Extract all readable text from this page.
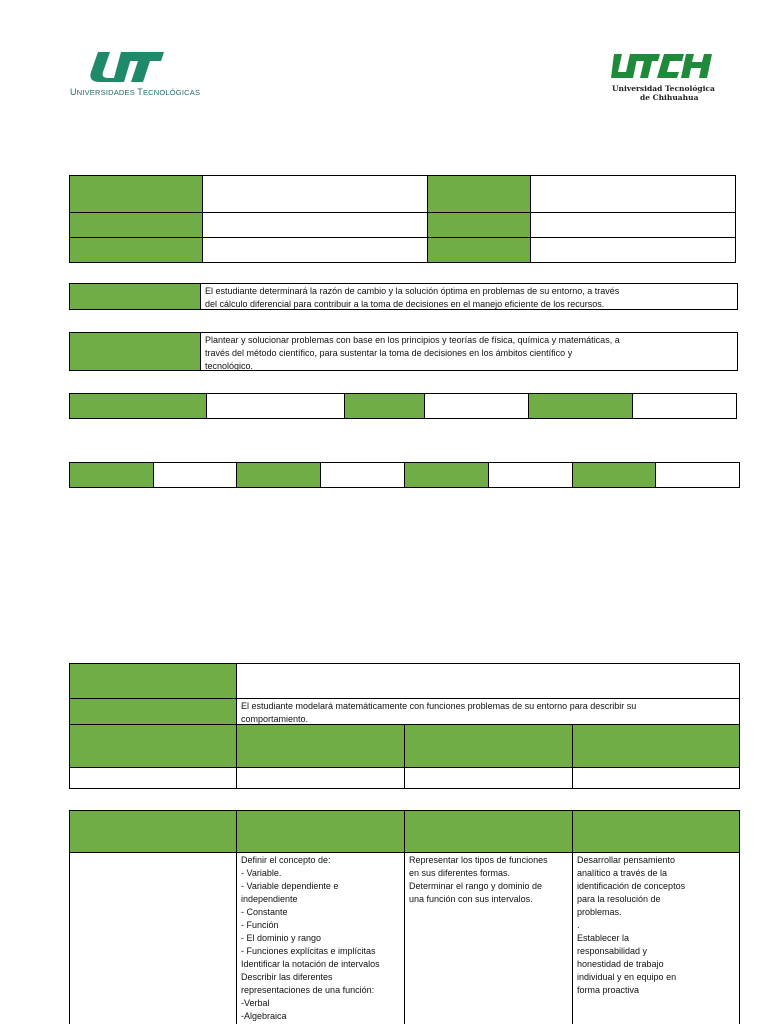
UNIVERSIDADES TECNOLÓGICAS	Universidad Tecnológica
de Chihuahua
El estudiante determinará la razón de cambio y la solución óptima en problemas de su entorno, a través
del cálculo diferencial para contribuir a la toma de decisiones en el manejo eficiente de los recursos.
Plantear y solucionar problemas con base en los principios y teorías de física, química y matemáticas, a
través del método científico, para sustentar la toma de decisiones en los ámbitos científico y
tecnológico.
El estudiante modelará matemáticamente con funciones problemas de su entorno para describir su
comportamiento.
Definir el concepto de:
- Variable.
- Variable dependiente e
independiente
- Constante
- Función
- El dominio y rango
- Funciones explícitas e implícitas
Identificar la notación de intervalos
Describir las diferentes
representaciones de una función:
-Verbal
-Algebraica
Representar los tipos de funciones
en sus diferentes formas.
Determinar el rango y dominio de
una función con sus intervalos.
Desarrollar pensamiento
analítico a través de la
identificación de conceptos
para la resolución de
problemas.
.
Establecer la
responsabilidad y
honestidad de trabajo
individual y en equipo en
forma proactiva
